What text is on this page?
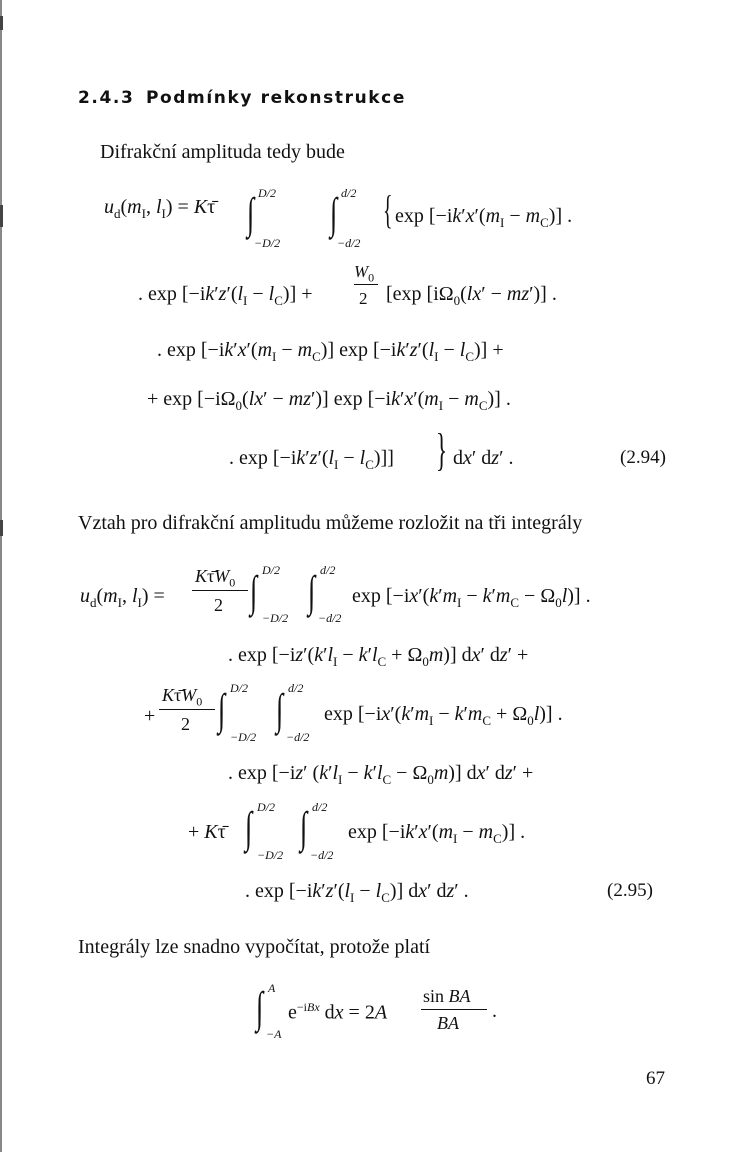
2.4.3 Podmínky rekonstrukce
Difrakční amplituda tedy bude
$u_d(m_I$, $l_I$) = Kτ̄ ∫ D/2
−D/2
∫ d/2
−d/2
{ $\exp [-ik'x'(m_I - m_C)]$ .
. $\exp [-ik'z'(l_I - l_C)]$ +
$W_0$
2 [exp $[i\Omega_0(lx' - mz')]$ .
. $\exp [-ik'x'(m_I - m_C)]$ $\exp [-ik'z'(l_I - l_C)]$ +
+ $\exp [-i\Omega_0(lx' - mz')]$ $\exp [-ik'x'(m_I - m_C)]$ .
. $\exp [-ik'z'(l_I - l_C)]$] } dx′ dz′ .	(2.94)
Vztah pro difrakční amplitudu můžeme rozložit na tři integrály
$u_d(m_I$, $l_I$) =
$K\taūW_0$
2 ∫ D/2
−D/2
∫ d/2
−d/2
$\exp [-ix'(k'm_I - k'm_C - \Omega_0l)]$ .
. $\exp [-iz'(k'l_I - k'l_C + \Omega_0m)]$ dx′ dz′ +
+
$K\taūW_0$
2 ∫ D/2
−D/2
∫ d/2
−d/2
$\exp [-ix'(k'm_I - k'm_C + \Omega_0l)]$ .
. exp [−iz′ $(k'l_I - k'l_C - \Omega_0m)$] dx′ dz′ +
+ Kτ̄ ∫ D/2
−D/2
∫ d/2
−d/2
$\exp [-ik'x'(m_I - m_C)]$ .
. $\exp [-ik'z'(l_I - l_C)]$ dx′ dz′ .	(2.95)
Integrály lze snadno vypočítat, protože platí
∫ A
−A
$e^{-iBx}$ dx = 2A
sin BA
BA
.
67
